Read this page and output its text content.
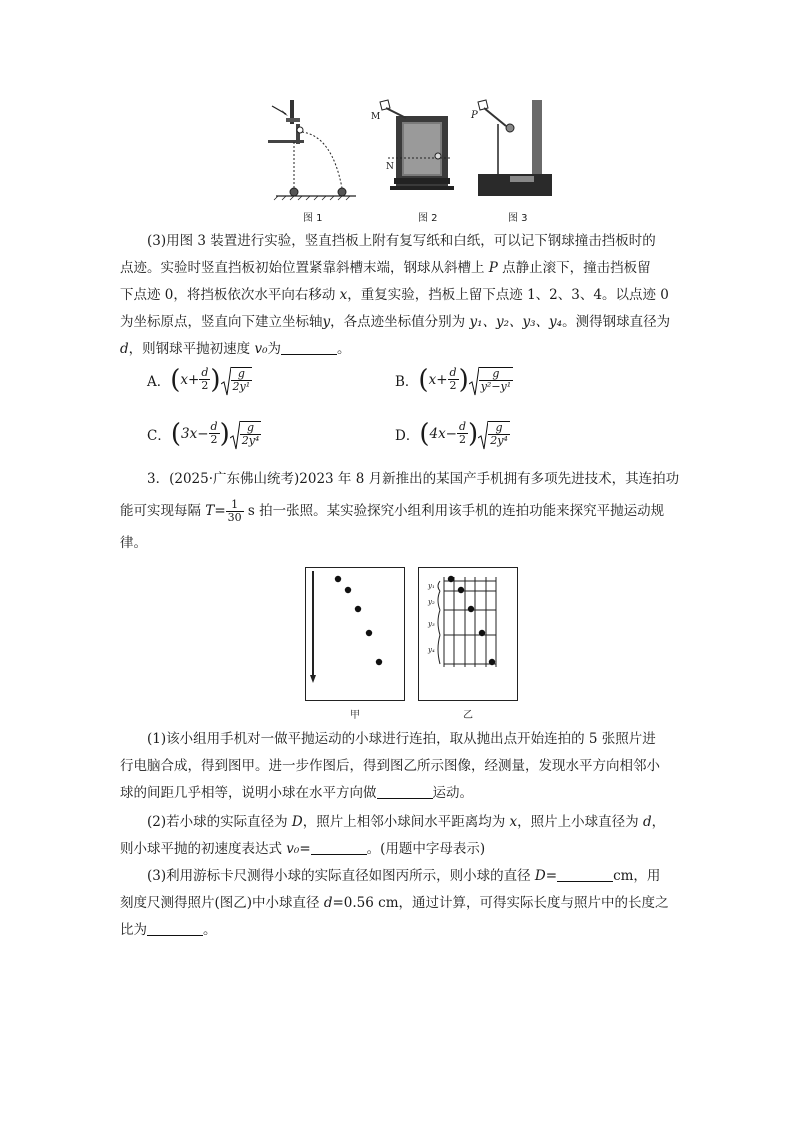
图 1
M
N
图 2
P
图 3
(3)用图 3 装置进行实验，竖直挡板上附有复写纸和白纸，可以记下钢球撞击挡板时的
点迹。实验时竖直挡板初始位置紧靠斜槽末端，钢球从斜槽上 P 点静止滚下，撞击挡板留
下点迹 0，将挡板依次水平向右移动 x，重复实验，挡板上留下点迹 1、2、3、4。以点迹 0
为坐标原点，竖直向下建立坐标轴y，各点迹坐标值分别为 y₁、y₂、y₃、y₄。测得钢球直径为
d，则钢球平抛初速度 v₀为	。
A． ( $x+ \frac{d}{2}$ ) $\frac{g}{\text{2y¹}}$	B． ( $x+ \frac{d}{2}$ ) $\frac{g}{\text{y²−y¹}}$
C． ( $3x- \frac{d}{2}$ ) $\frac{g}{\text{2y⁴}}$	D． ( $4x- \frac{d}{2}$ ) $\frac{g}{\text{2y⁴}}$
3．(2025·广东佛山统考)2023 年 8 月新推出的某国产手机拥有多项先进技术，其连拍功
能可实现每隔 $T= \frac{1}{30}$ s 拍一张照。某实验探究小组利用该手机的连拍功能来探究平抛运动规
律。
甲
y₁
y₂
y₃
y₄
乙
(1)该小组用手机对一做平抛运动的小球进行连拍，取从抛出点开始连拍的 5 张照片进
行电脑合成，得到图甲。进一步作图后，得到图乙所示图像，经测量，发现水平方向相邻小
球的间距几乎相等，说明小球在水平方向做	运动。
(2)若小球的实际直径为 D，照片上相邻小球间水平距离均为 x，照片上小球直径为 d，
则小球平抛的初速度表达式 v₀=	。(用题中字母表示)
(3)利用游标卡尺测得小球的实际直径如图丙所示，则小球的直径 D=	cm，用
刻度尺测得照片(图乙)中小球直径 d=0.56 cm，通过计算，可得实际长度与照片中的长度之
比为	。
